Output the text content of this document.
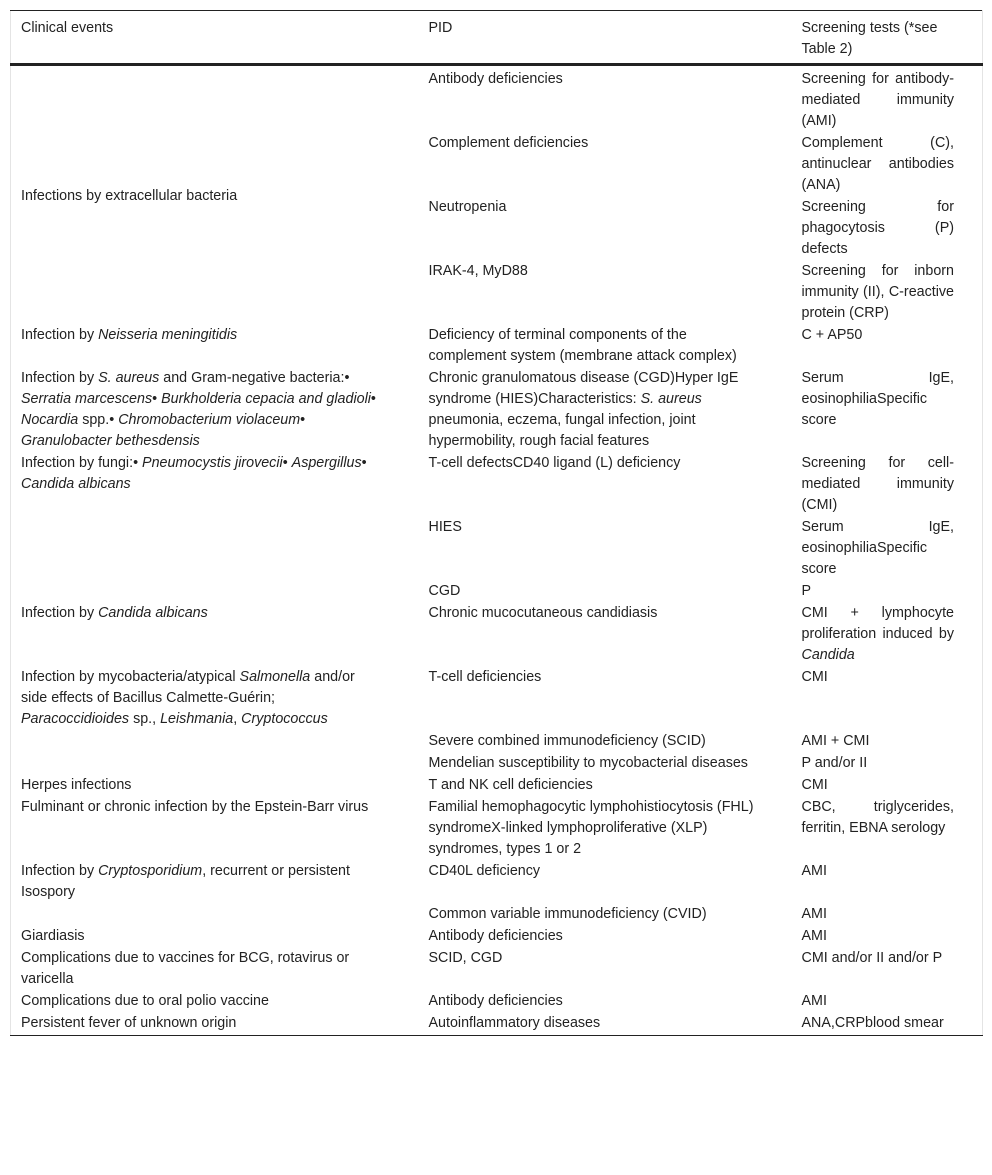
Clinical events	PID	Screening tests (*see Table 2)
Infections by extracellular bacteria	Antibody deficiencies	Screening for antibody-mediated immunity (AMI)
	Complement deficiencies	Complement (C), antinuclear antibodies (ANA)
	Neutropenia	Screening for phagocytosis (P) defects
	IRAK-4, MyD88	Screening for inborn immunity (II), C-reactive protein (CRP)
Infection by Neisseria meningitidis	Deficiency of terminal components of the complement system (membrane attack complex)	C + AP50
Infection by S. aureus and Gram-negative bacteria:• Serratia marcescens• Burkholderia cepacia and gladioli• Nocardia spp.• Chromobacterium violaceum• Granulobacter bethesdensis	Chronic granulomatous disease (CGD)Hyper IgE syndrome (HIES)Characteristics: S. aureus pneumonia, eczema, fungal infection, joint hypermobility, rough facial features	Serum IgE, eosinophiliaSpecific score
Infection by fungi:• Pneumocystis jirovecii• Aspergillus• Candida albicans	T-cell defectsCD40 ligand (L) deficiency	Screening for cell-mediated immunity (CMI)
	HIES	Serum IgE, eosinophiliaSpecific score
	CGD	P
Infection by Candida albicans	Chronic mucocutaneous candidiasis	CMI + lymphocyte proliferation induced by Candida
Infection by mycobacteria/atypical Salmonella and/or side effects of Bacillus Calmette-Guérin; Paracoccidioides sp., Leishmania, Cryptococcus	T-cell deficiencies	CMI
	Severe combined immunodeficiency (SCID)	AMI + CMI
	Mendelian susceptibility to mycobacterial diseases	P and/or II
Herpes infections	T and NK cell deficiencies	CMI
Fulminant or chronic infection by the Epstein-Barr virus	Familial hemophagocytic lymphohistiocytosis (FHL) syndromeX-linked lymphoproliferative (XLP) syndromes, types 1 or 2	CBC, triglycerides, ferritin, EBNA serology
Infection by Cryptosporidium, recurrent or persistent Isospory	CD40L deficiency	AMI
	Common variable immunodeficiency (CVID)	AMI
Giardiasis	Antibody deficiencies	AMI
Complications due to vaccines for BCG, rotavirus or varicella	SCID, CGD	CMI and/or II and/or P
Complications due to oral polio vaccine	Antibody deficiencies	AMI
Persistent fever of unknown origin	Autoinflammatory diseases	ANA,CRPblood smear
